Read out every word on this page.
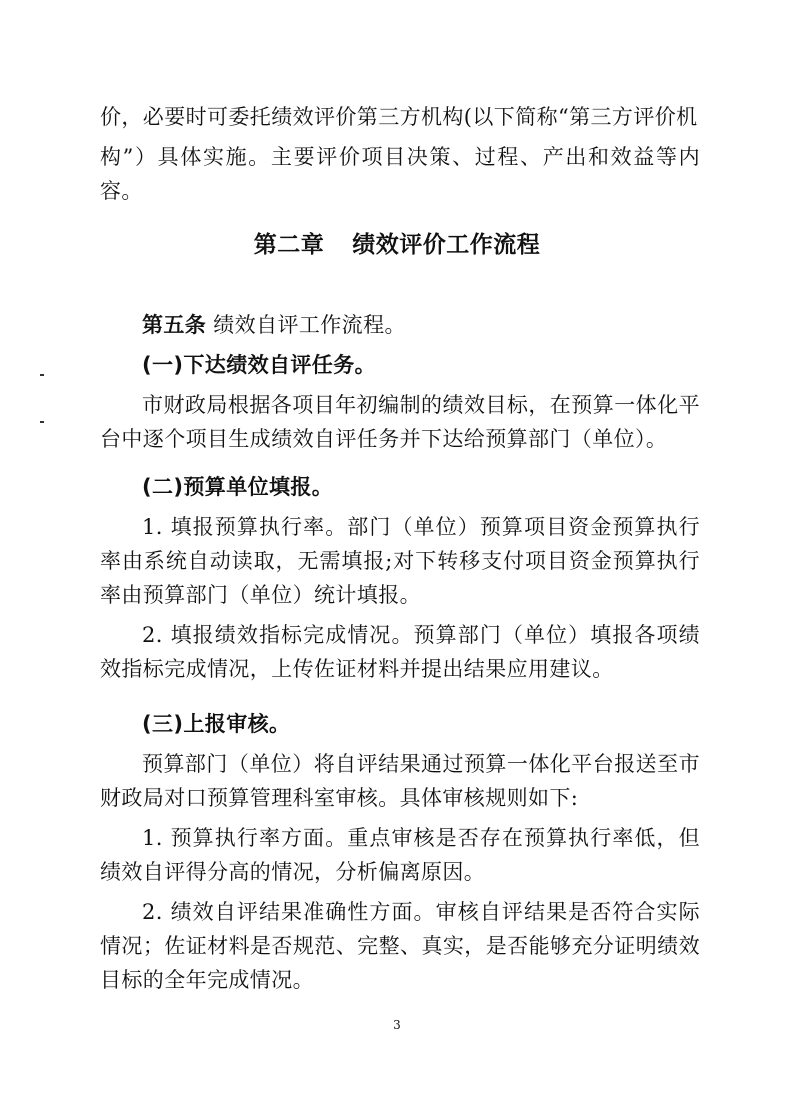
价，必要时可委托绩效评价第三方机构(以下简称“第三方评价机

构”）具体实施。主要评价项目决策、过程、产出和效益等内容。

第二章 绩效评价工作流程

第五条 绩效自评工作流程。

(一)下达绩效自评任务。

市财政局根据各项目年初编制的绩效目标，在预算一体化平台中逐个项目生成绩效自评任务并下达给预算部门（单位）。

(二)预算单位填报。

1. 填报预算执行率。部门（单位）预算项目资金预算执行率由系统自动读取，无需填报;对下转移支付项目资金预算执行率由预算部门（单位）统计填报。

2. 填报绩效指标完成情况。预算部门（单位）填报各项绩效指标完成情况，上传佐证材料并提出结果应用建议。

(三)上报审核。

预算部门（单位）将自评结果通过预算一体化平台报送至市财政局对口预算管理科室审核。具体审核规则如下:

1. 预算执行率方面。重点审核是否存在预算执行率低，但绩效自评得分高的情况，分析偏离原因。

2. 绩效自评结果准确性方面。审核自评结果是否符合实际情况；佐证材料是否规范、完整、真实，是否能够充分证明绩效目标的全年完成情况。

3
